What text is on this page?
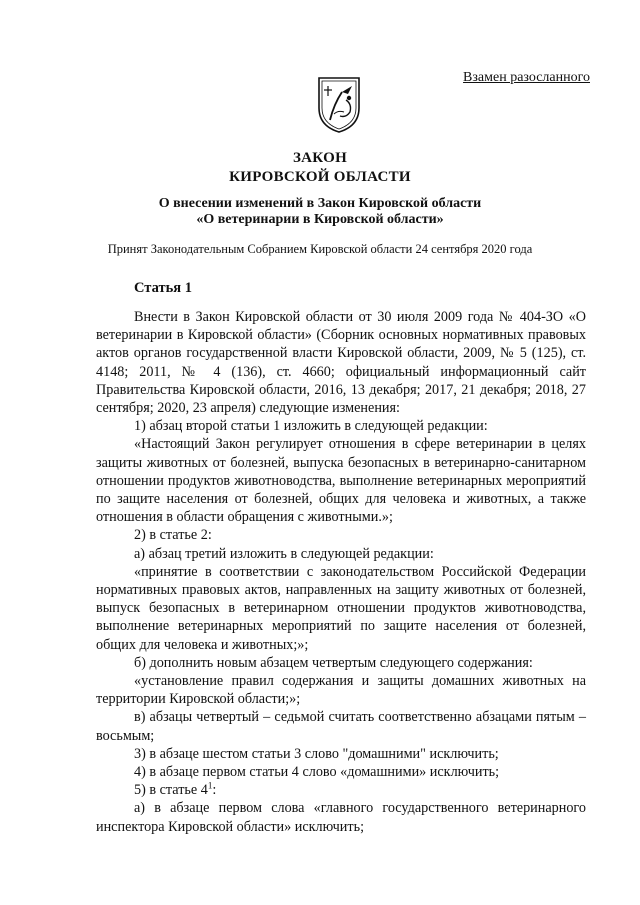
Взамен разосланного
ЗАКОН
КИРОВСКОЙ ОБЛАСТИ
О внесении изменений в Закон Кировской области
«О ветеринарии в Кировской области»
Принят Законодательным Собранием Кировской области 24 сентября 2020 года
Статья 1

Внести в Закон Кировской области от 30 июля 2009 года № 404-ЗО «О ветеринарии в Кировской области» (Сборник основных нормативных правовых актов органов государственной власти Кировской области, 2009, № 5 (125), ст. 4148; 2011, № 4 (136), ст. 4660; официальный информационный сайт Правительства Кировской области, 2016, 13 декабря; 2017, 21 декабря; 2018, 27 сентября; 2020, 23 апреля) следующие изменения:

1) абзац второй статьи 1 изложить в следующей редакции:

«Настоящий Закон регулирует отношения в сфере ветеринарии в целях защиты животных от болезней, выпуска безопасных в ветеринарно-санитарном отношении продуктов животноводства, выполнение ветеринарных мероприятий по защите населения от болезней, общих для человека и животных, а также отношения в области обращения с животными.»;

2) в статье 2:

а) абзац третий изложить в следующей редакции:

«принятие в соответствии с законодательством Российской Федерации нормативных правовых актов, направленных на защиту животных от болезней, выпуск безопасных в ветеринарном отношении продуктов животноводства, выполнение ветеринарных мероприятий по защите населения от болезней, общих для человека и животных;»;

б) дополнить новым абзацем четвертым следующего содержания:

«установление правил содержания и защиты домашних животных на территории Кировской области;»;

в) абзацы четвертый – седьмой считать соответственно абзацами пятым – восьмым;

3) в абзаце шестом статьи 3 слово "домашними" исключить;

4) в абзаце первом статьи 4 слово «домашними» исключить;

5) в статье $4^1$:

а) в абзаце первом слова «главного государственного ветеринарного инспектора Кировской области» исключить;
